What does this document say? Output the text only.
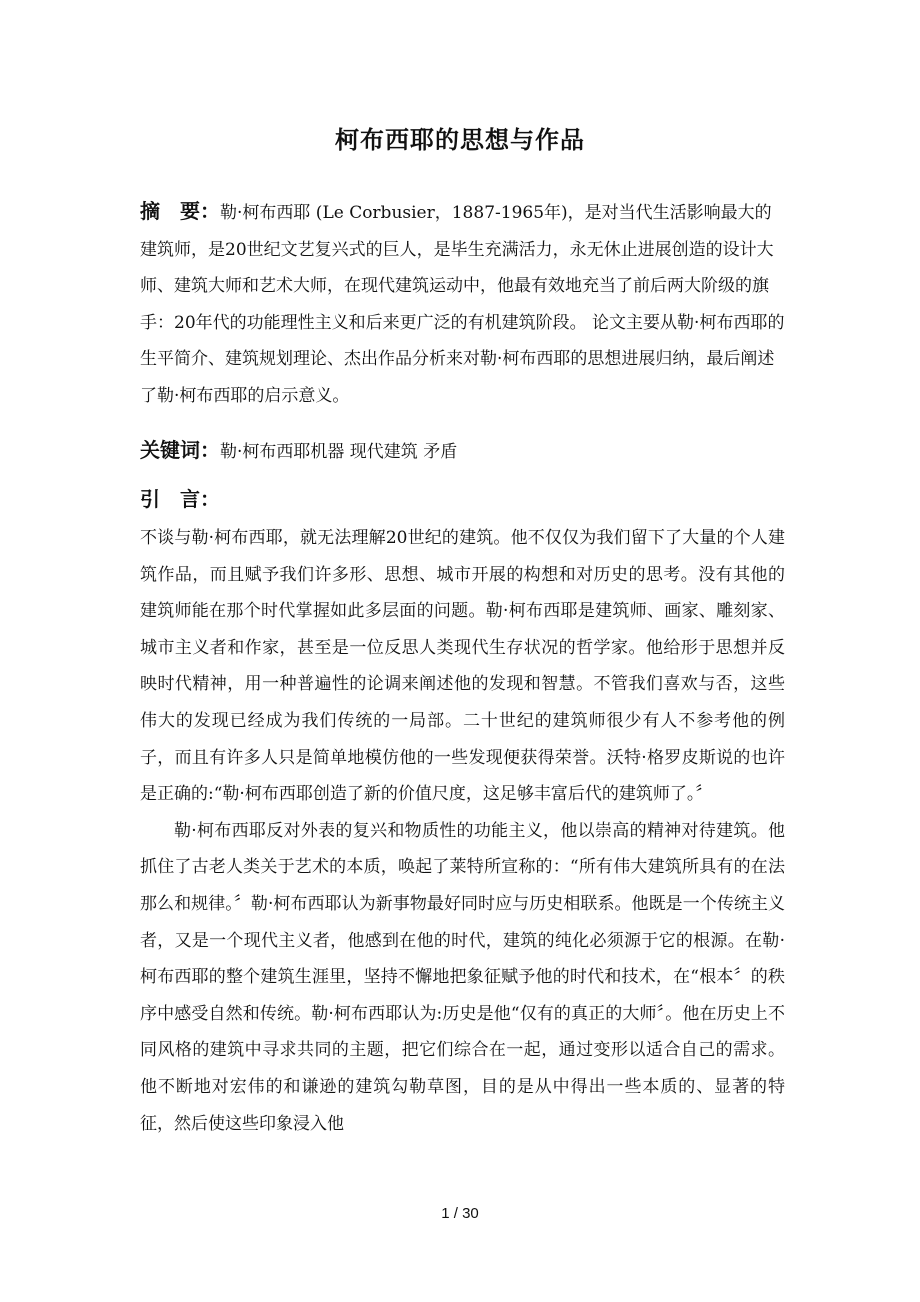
柯布西耶的思想与作品
摘　要：勒·柯布西耶 (Le Corbusier，1887-1965年)，是对当代生活影响最大的建筑师，是20世纪文艺复兴式的巨人，是毕生充满活力，永无休止进展创造的设计大师、建筑大师和艺术大师，在现代建筑运动中，他最有效地充当了前后两大阶级的旗手：20年代的功能理性主义和后来更广泛的有机建筑阶段。 论文主要从勒·柯布西耶的生平简介、建筑规划理论、杰出作品分析来对勒·柯布西耶的思想进展归纳，最后阐述了勒·柯布西耶的启示意义。
关键词：勒·柯布西耶机器 现代建筑 矛盾
引　言：

不谈与勒·柯布西耶，就无法理解20世纪的建筑。他不仅仅为我们留下了大量的个人建筑作品，而且赋予我们许多形、思想、城市开展的构想和对历史的思考。没有其他的建筑师能在那个时代掌握如此多层面的问题。勒·柯布西耶是建筑师、画家、雕刻家、城市主义者和作家，甚至是一位反思人类现代生存状况的哲学家。他给形于思想并反映时代精神，用一种普遍性的论调来阐述他的发现和智慧。不管我们喜欢与否，这些伟大的发现已经成为我们传统的一局部。二十世纪的建筑师很少有人不参考他的例子，而且有许多人只是简单地模仿他的一些发现便获得荣誉。沃特·格罗皮斯说的也许是正确的:“勒·柯布西耶创造了新的价值尺度，这足够丰富后代的建筑师了。〞

勒·柯布西耶反对外表的复兴和物质性的功能主义，他以崇高的精神对待建筑。他抓住了古老人类关于艺术的本质，唤起了莱特所宣称的：“所有伟大建筑所具有的在法那么和规律。〞勒·柯布西耶认为新事物最好同时应与历史相联系。他既是一个传统主义者，又是一个现代主义者，他感到在他的时代，建筑的纯化必须源于它的根源。在勒·柯布西耶的整个建筑生涯里，坚持不懈地把象征赋予他的时代和技术，在“根本〞的秩序中感受自然和传统。勒·柯布西耶认为:历史是他“仅有的真正的大师〞。他在历史上不同风格的建筑中寻求共同的主题，把它们综合在一起，通过变形以适合自己的需求。他不断地对宏伟的和谦逊的建筑勾勒草图，目的是从中得出一些本质的、显著的特征，然后使这些印象浸入他

1 / 30
